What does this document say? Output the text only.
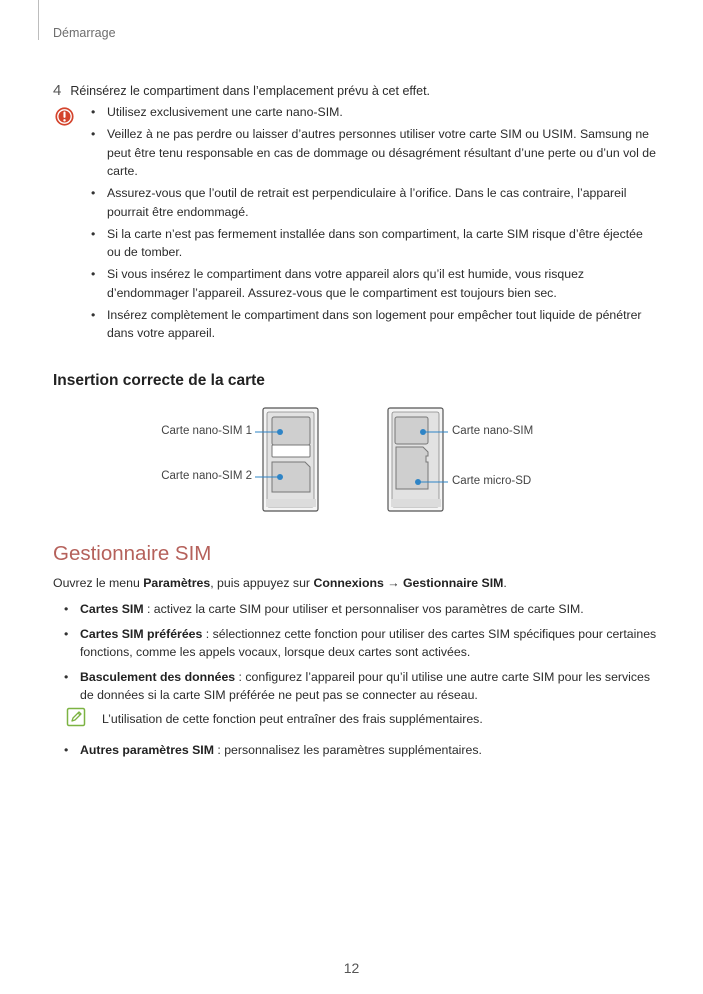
Démarrage
4 Réinsérez le compartiment dans l’emplacement prévu à cet effet.
• Utilisez exclusivement une carte nano-SIM.
• Veillez à ne pas perdre ou laisser d’autres personnes utiliser votre carte SIM ou USIM. Samsung ne peut être tenu responsable en cas de dommage ou désagrément résultant d’une perte ou d’un vol de carte.
• Assurez-vous que l’outil de retrait est perpendiculaire à l’orifice. Dans le cas contraire, l’appareil pourrait être endommagé.
• Si la carte n’est pas fermement installée dans son compartiment, la carte SIM risque d’être éjectée ou de tomber.
• Si vous insérez le compartiment dans votre appareil alors qu’il est humide, vous risquez d’endommager l’appareil. Assurez-vous que le compartiment est toujours bien sec.
• Insérez complètement le compartiment dans son logement pour empêcher tout liquide de pénétrer dans votre appareil.
Insertion correcte de la carte
Carte nano-SIM 1
Carte nano-SIM 2
Carte nano-SIM
Carte micro-SD
Gestionnaire SIM
Ouvrez le menu Paramètres, puis appuyez sur Connexions → Gestionnaire SIM.
• Cartes SIM : activez la carte SIM pour utiliser et personnaliser vos paramètres de carte SIM.
• Cartes SIM préférées : sélectionnez cette fonction pour utiliser des cartes SIM spécifiques pour certaines fonctions, comme les appels vocaux, lorsque deux cartes sont activées.
• Basculement des données : configurez l’appareil pour qu’il utilise une autre carte SIM pour les services de données si la carte SIM préférée ne peut pas se connecter au réseau.
L’utilisation de cette fonction peut entraîner des frais supplémentaires.
• Autres paramètres SIM : personnalisez les paramètres supplémentaires.
12
